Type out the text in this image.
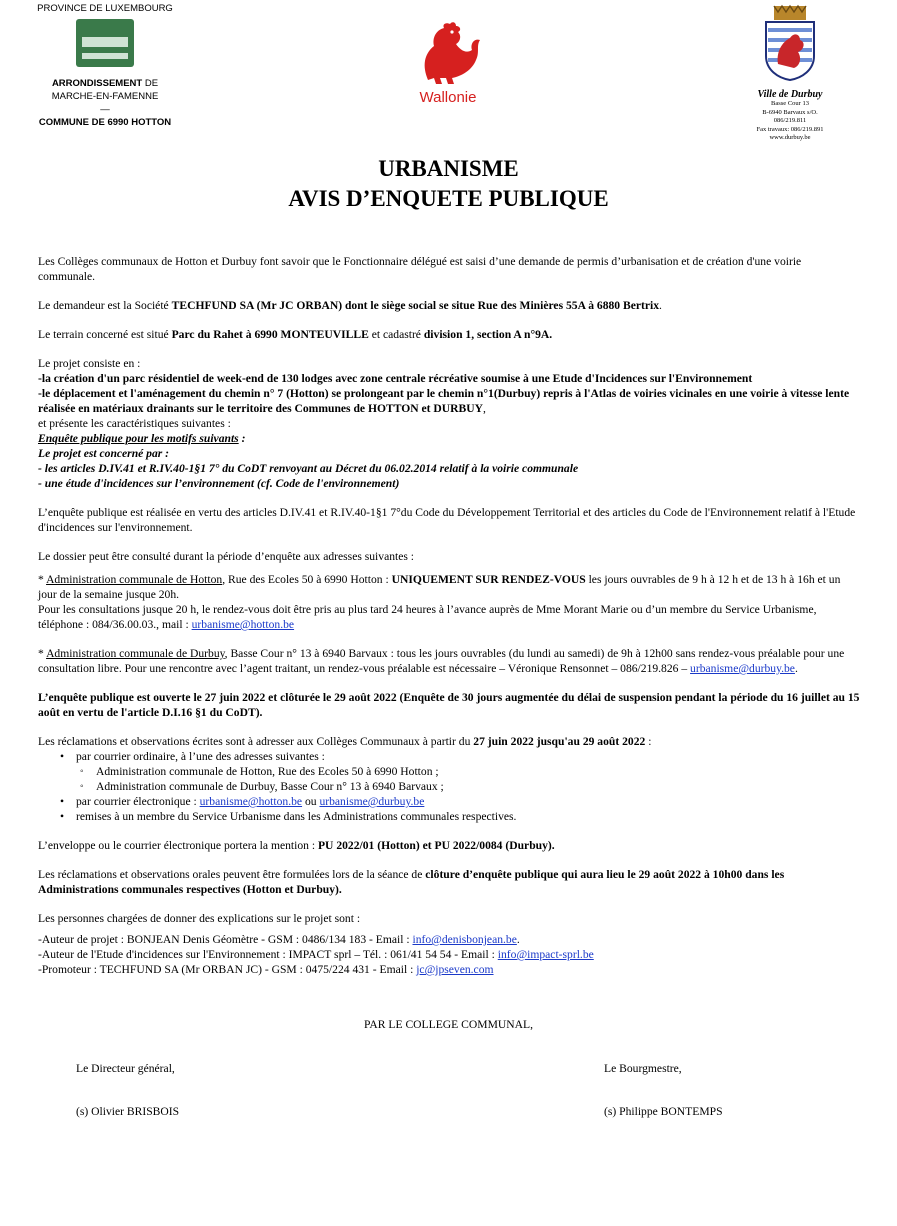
PROVINCE DE LUXEMBOURG
ARRONDISSEMENT DE
MARCHE-EN-FAMENNE
—
COMMUNE DE 6990 HOTTON
Wallonie	Ville de Durbuy
Basse Cour 13
B-6940 Barvaux s/O.
086/219.811
Fax travaux: 086/219.891
www.durbuy.be
URBANISME
AVIS D’ENQUETE PUBLIQUE

Les Collèges communaux de Hotton et Durbuy font savoir que le Fonctionnaire délégué est saisi d’une demande de permis d’urbanisation et de création d'une voirie communale.

Le demandeur est la Société TECHFUND SA (Mr JC ORBAN) dont le siège social se situe Rue des Minières 55A à 6880 Bertrix.

Le terrain concerné est situé Parc du Rahet à 6990 MONTEUVILLE et cadastré division 1, section A n°9A.

Le projet consiste en :
-la création d'un parc résidentiel de week-end de 130 lodges avec zone centrale récréative soumise à une Etude d'Incidences sur l'Environnement
-le déplacement et l'aménagement du chemin n° 7 (Hotton) se prolongeant par le chemin n°1(Durbuy) repris à l'Atlas de voiries vicinales en une voirie à vitesse lente réalisée en matériaux drainants sur le territoire des Communes de HOTTON et DURBUY,
et présente les caractéristiques suivantes :
Enquête publique pour les motifs suivants :
Le projet est concerné par :
- les articles D.IV.41 et R.IV.40-1§1 7° du CoDT renvoyant au Décret du 06.02.2014 relatif à la voirie communale
- une étude d'incidences sur l’environnement (cf. Code de l'environnement)

L’enquête publique est réalisée en vertu des articles D.IV.41 et R.IV.40-1§1 7°du Code du Développement Territorial et des articles du Code de l'Environnement relatif à l'Etude d'incidences sur l'environnement.

Le dossier peut être consulté durant la période d’enquête aux adresses suivantes :

* Administration communale de Hotton, Rue des Ecoles 50 à 6990 Hotton : UNIQUEMENT SUR RENDEZ-VOUS les jours ouvrables de 9 h à 12 h et de 13 h à 16h et un jour de la semaine jusque 20h.
Pour les consultations jusque 20 h, le rendez-vous doit être pris au plus tard 24 heures à l’avance auprès de Mme Morant Marie ou d’un membre du Service Urbanisme, téléphone : 084/36.00.03., mail : urbanisme@hotton.be

* Administration communale de Durbuy, Basse Cour n° 13 à 6940 Barvaux : tous les jours ouvrables (du lundi au samedi) de 9h à 12h00 sans rendez-vous préalable pour une consultation libre. Pour une rencontre avec l’agent traitant, un rendez-vous préalable est nécessaire – Véronique Rensonnet – 086/219.826 – urbanisme@durbuy.be.

L’enquête publique est ouverte le 27 juin 2022 et clôturée le 29 août 2022 (Enquête de 30 jours augmentée du délai de suspension pendant la période du 16 juillet au 15 août en vertu de l'article D.I.16 §1 du CoDT).

Les réclamations et observations écrites sont à adresser aux Collèges Communaux à partir du 27 juin 2022 jusqu'au 29 août 2022 :
• par courrier ordinaire, à l’une des adresses suivantes :
◦ Administration communale de Hotton, Rue des Ecoles 50 à 6990 Hotton ;
◦ Administration communale de Durbuy, Basse Cour n° 13 à 6940 Barvaux ;
• par courrier électronique : urbanisme@hotton.be ou urbanisme@durbuy.be
• remises à un membre du Service Urbanisme dans les Administrations communales respectives.

L’enveloppe ou le courrier électronique portera la mention : PU 2022/01 (Hotton) et PU 2022/0084 (Durbuy).

Les réclamations et observations orales peuvent être formulées lors de la séance de clôture d’enquête publique qui aura lieu le 29 août 2022 à 10h00 dans les Administrations communales respectives (Hotton et Durbuy).

Les personnes chargées de donner des explications sur le projet sont :

-Auteur de projet : BONJEAN Denis Géomètre - GSM : 0486/134 183 - Email : info@denisbonjean.be.
-Auteur de l'Etude d'incidences sur l'Environnement : IMPACT sprl – Tél. : 061/41 54 54 - Email : info@impact-sprl.be
-Promoteur : TECHFUND SA (Mr ORBAN JC) - GSM : 0475/224 431 - Email : jc@jpseven.com
PAR LE COLLEGE COMMUNAL,
Le Directeur général,	Le Bourgmestre,
(s) Olivier BRISBOIS	(s) Philippe BONTEMPS
